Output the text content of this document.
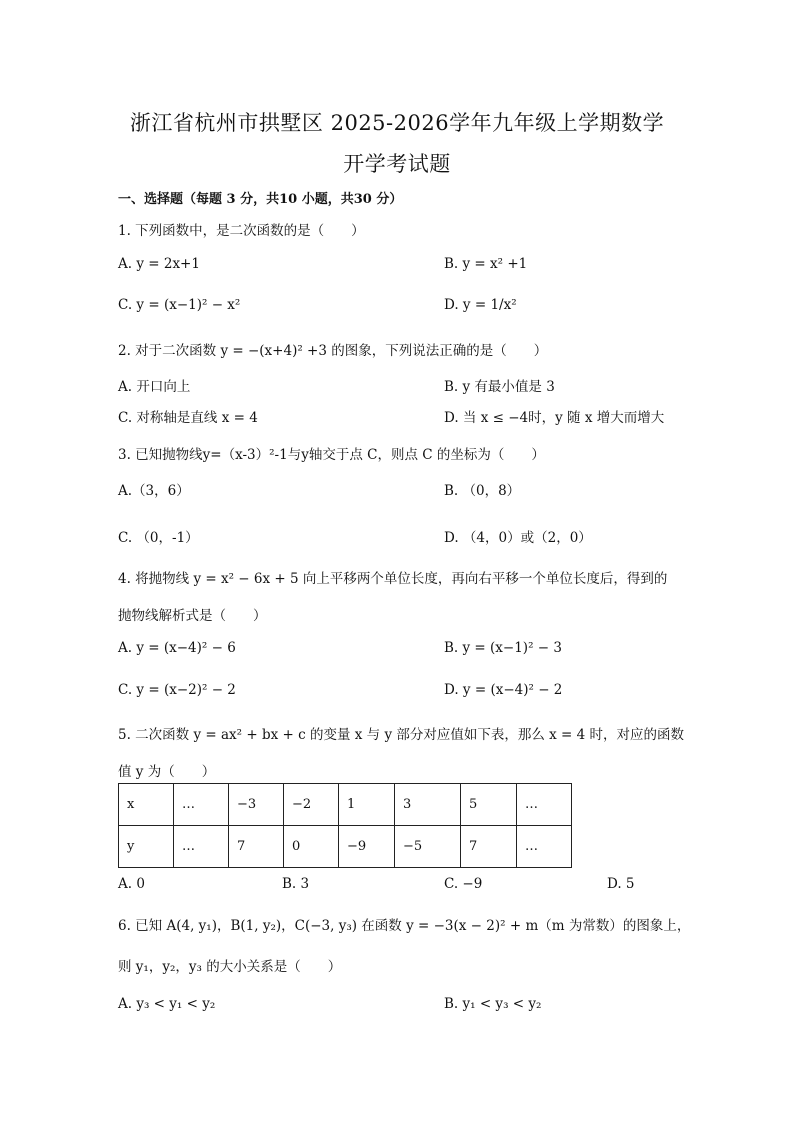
浙江省杭州市拱墅区 2025-2026学年九年级上学期数学
开学考试题
一、选择题（每题 3 分，共10 小题，共30 分）
1. 下列函数中，是二次函数的是（　　）
A. y = 2x+1	B. y = x² +1
C. y = (x−1)² − x²	D. y = 1/x²
2. 对于二次函数 y = −(x+4)² +3 的图象，下列说法正确的是（　　）
A. 开口向上	B. y 有最小值是 3
C. 对称轴是直线 x = 4	D. 当 x ≤ −4时，y 随 x 增大而增大
3. 已知抛物线y=（x-3）²-1与y轴交于点 C，则点 C 的坐标为（　　）
A.（3，6）	B. （0，8）
C. （0，-1）	D. （4，0）或（2，0）
4. 将抛物线 y = x² − 6x + 5 向上平移两个单位长度，再向右平移一个单位长度后，得到的
抛物线解析式是（　　）
A. y = (x−4)² − 6	B. y = (x−1)² − 3
C. y = (x−2)² − 2	D. y = (x−4)² − 2
5. 二次函数 y = ax² + bx + c 的变量 x 与 y 部分对应值如下表，那么 x = 4 时，对应的函数
值 y 为（　　）
x	…	−3	−2	1	3	5	…
y	…	7	0	−9	−5	7	…
A. 0	B. 3	C. −9	D. 5
6. 已知 A(4, y₁)，B(1, y₂)，C(−3, y₃) 在函数 y = −3(x − 2)² + m（m 为常数）的图象上，
则 y₁，y₂，y₃ 的大小关系是（　　）
A. y₃ < y₁ < y₂	B. y₁ < y₃ < y₂
